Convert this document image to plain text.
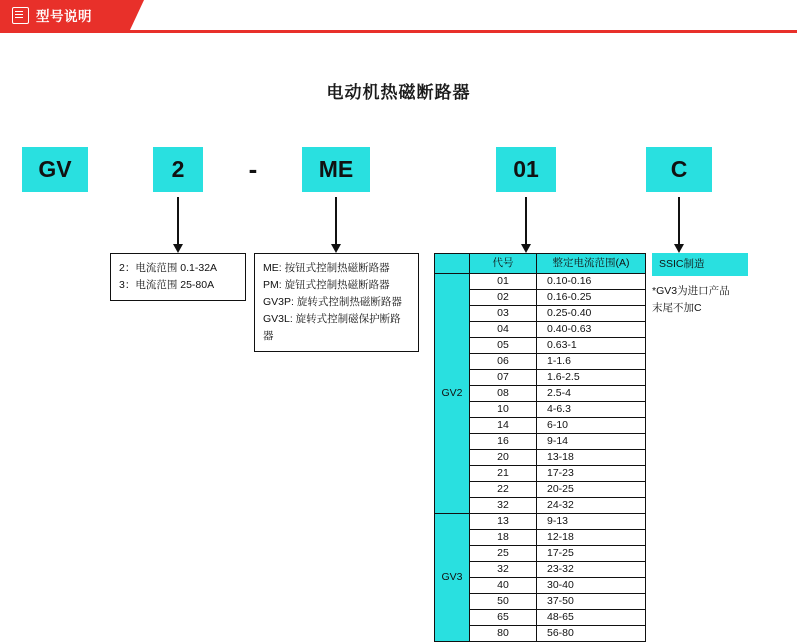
型号说明
电动机热磁断路器
GV	2	-	ME	01	C
2：电流范围 0.1-32A
3：电流范围 25-80A
ME: 按钮式控制热磁断路器
PM: 旋钮式控制热磁断路器
GV3P: 旋转式控制热磁断路器
GV3L: 旋转式控制磁保护断路器
SSIC制造
*GV3为进口产品
末尾不加C
	代号	整定电流范围(A)
GV2	01	0.10-0.16
	02	0.16-0.25
	03	0.25-0.40
	04	0.40-0.63
	05	0.63-1
	06	1-1.6
	07	1.6-2.5
	08	2.5-4
	10	4-6.3
	14	6-10
	16	9-14
	20	13-18
	21	17-23
	22	20-25
	32	24-32
GV3	13	9-13
	18	12-18
	25	17-25
	32	23-32
	40	30-40
	50	37-50
	65	48-65
	80	56-80
